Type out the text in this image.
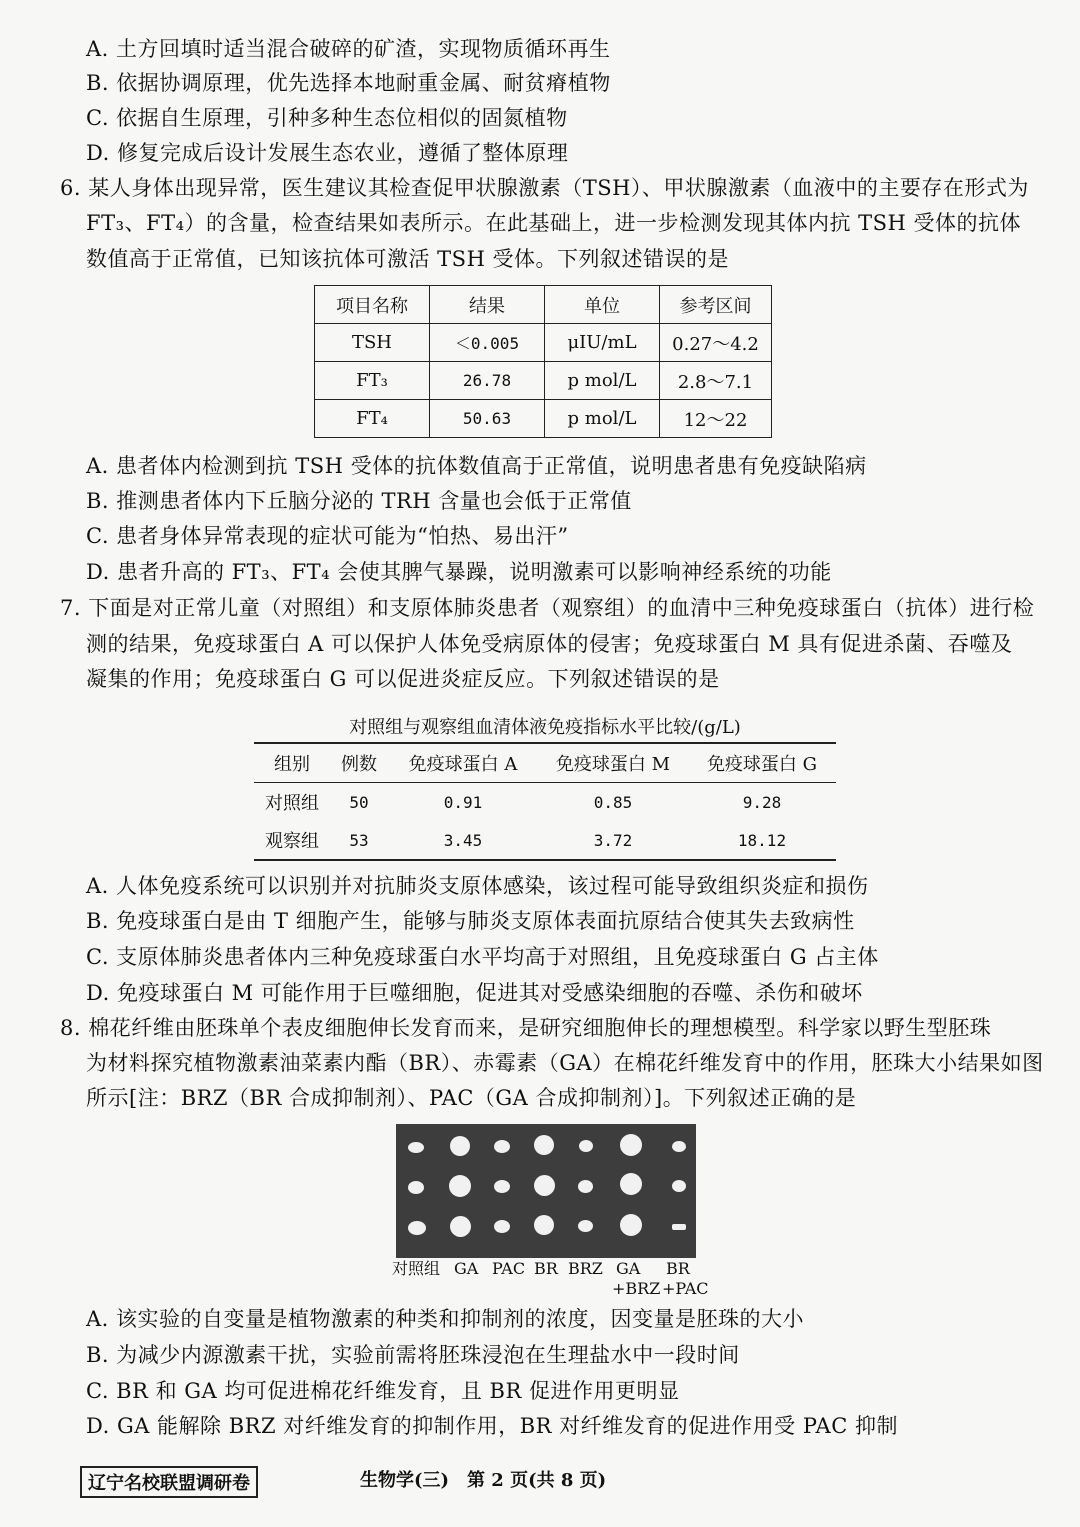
A. 土方回填时适当混合破碎的矿渣，实现物质循环再生
B. 依据协调原理，优先选择本地耐重金属、耐贫瘠植物
C. 依据自生原理，引种多种生态位相似的固氮植物
D. 修复完成后设计发展生态农业，遵循了整体原理
6. 某人身体出现异常，医生建议其检查促甲状腺激素（TSH）、甲状腺激素（血液中的主要存在形式为
FT₃、FT₄）的含量，检查结果如表所示。在此基础上，进一步检测发现其体内抗 TSH 受体的抗体
数值高于正常值，已知该抗体可激活 TSH 受体。下列叙述错误的是
项目名称	结果	单位	参考区间
TSH	＜0.005	μIU/mL	0.27～4.2
FT₃	26.78	p mol/L	2.8～7.1
FT₄	50.63	p mol/L	12～22
A. 患者体内检测到抗 TSH 受体的抗体数值高于正常值，说明患者患有免疫缺陷病
B. 推测患者体内下丘脑分泌的 TRH 含量也会低于正常值
C. 患者身体异常表现的症状可能为“怕热、易出汗”
D. 患者升高的 FT₃、FT₄ 会使其脾气暴躁，说明激素可以影响神经系统的功能
7. 下面是对正常儿童（对照组）和支原体肺炎患者（观察组）的血清中三种免疫球蛋白（抗体）进行检
测的结果，免疫球蛋白 A 可以保护人体免受病原体的侵害；免疫球蛋白 M 具有促进杀菌、吞噬及
凝集的作用；免疫球蛋白 G 可以促进炎症反应。下列叙述错误的是
对照组与观察组血清体液免疫指标水平比较/(g/L)
组别	例数	免疫球蛋白 A	免疫球蛋白 M	免疫球蛋白 G
对照组	50	0.91	0.85	9.28
观察组	53	3.45	3.72	18.12
A. 人体免疫系统可以识别并对抗肺炎支原体感染，该过程可能导致组织炎症和损伤
B. 免疫球蛋白是由 T 细胞产生，能够与肺炎支原体表面抗原结合使其失去致病性
C. 支原体肺炎患者体内三种免疫球蛋白水平均高于对照组，且免疫球蛋白 G 占主体
D. 免疫球蛋白 M 可能作用于巨噬细胞，促进其对受感染细胞的吞噬、杀伤和破坏
8. 棉花纤维由胚珠单个表皮细胞伸长发育而来，是研究细胞伸长的理想模型。科学家以野生型胚珠
为材料探究植物激素油菜素内酯（BR）、赤霉素（GA）在棉花纤维发育中的作用，胚珠大小结果如图
所示[注：BRZ（BR 合成抑制剂）、PAC（GA 合成抑制剂）]。下列叙述正确的是
对照组 GA PAC BR BRZ GA
+BRZ
BR
+PAC
A. 该实验的自变量是植物激素的种类和抑制剂的浓度，因变量是胚珠的大小
B. 为减少内源激素干扰，实验前需将胚珠浸泡在生理盐水中一段时间
C. BR 和 GA 均可促进棉花纤维发育，且 BR 促进作用更明显
D. GA 能解除 BRZ 对纤维发育的抑制作用，BR 对纤维发育的促进作用受 PAC 抑制
辽宁名校联盟调研卷	生物学(三)　第 2 页(共 8 页)
